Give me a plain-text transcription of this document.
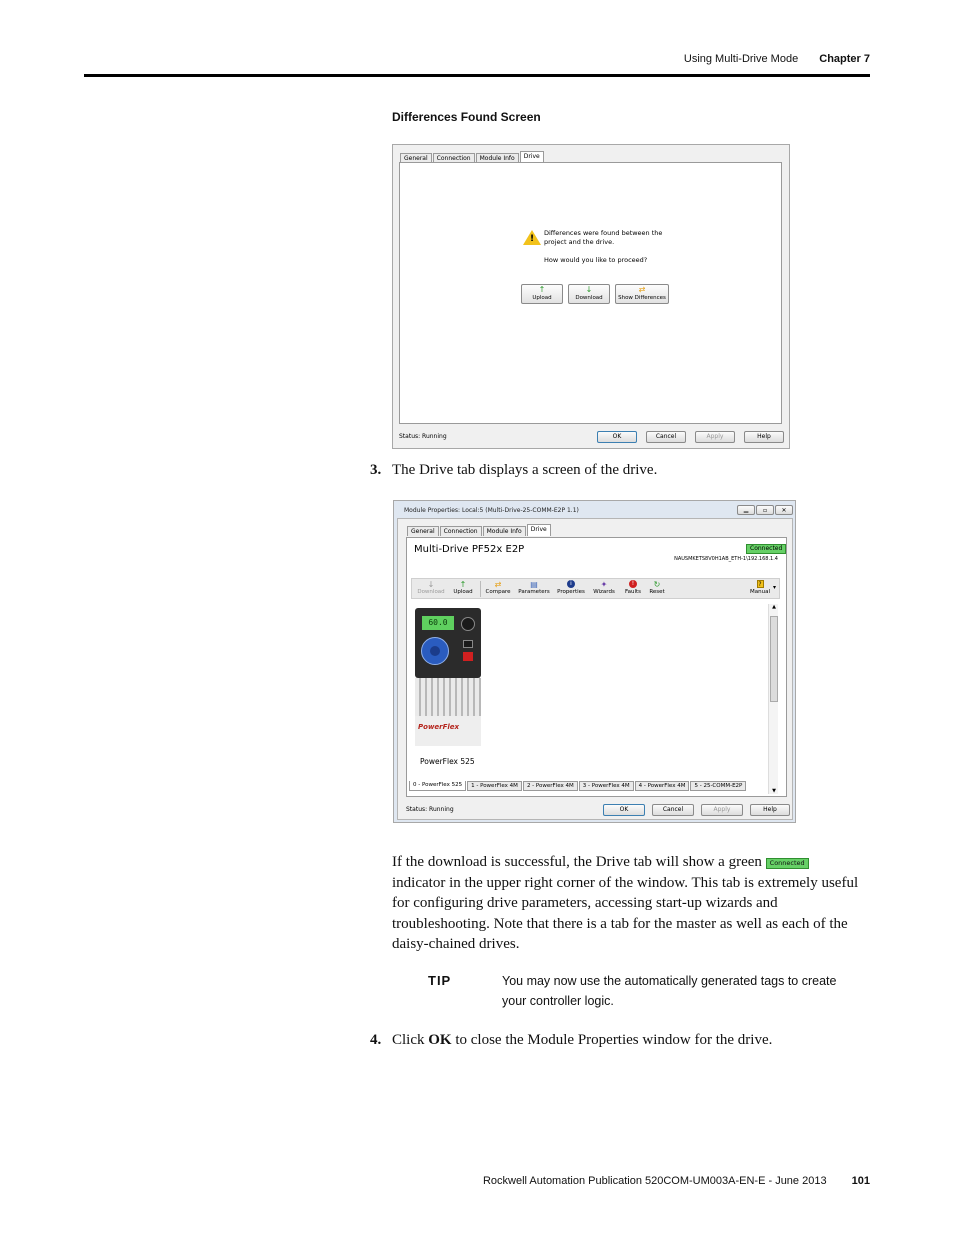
Using Multi-Drive Mode Chapter 7
Differences Found Screen
General	Connection	Module Info	Drive
!
Differences were found between the
project and the drive.
How would you like to proceed?
↑
Upload
↓
Download
⇄
Show Differences
Status: Running	OK	Cancel	Apply	Help
3. The Drive tab displays a screen of the drive.
Module Properties: Local:5 (Multi-Drive-25-COMM-E2P 1.1)	▁	▫	✕
General	Connection	Module Info	Drive
Multi-Drive PF52x E2P	Connected
NAUSMKETS8V0H1AB_ETH-1\192.168.1.4
↓
Download
↑
Upload
⇄
Compare
▤
Parameters
i
Properties
✦
Wizards
!
Faults
↻
Reset
?
Manual
▾
60.0
PowerFlex
PowerFlex 525
▲
▼
0 - PowerFlex 525	1 - PowerFlex 4M	2 - PowerFlex 4M	3 - PowerFlex 4M	4 - PowerFlex 4M	5 - 25-COMM-E2P
Status: Running	OK	Cancel	Apply	Help
If the download is successful, the Drive tab will show a green Connected indicator in the upper right corner of the window. This tab is extremely useful for configuring drive parameters, accessing start-up wizards and troubleshooting. Note that there is a tab for the master as well as each of the daisy-chained drives.
TIP	You may now use the automatically generated tags to create your controller logic.
4. Click OK to close the Module Properties window for the drive.
Rockwell Automation Publication 520COM-UM003A-EN-E - June 2013 101
